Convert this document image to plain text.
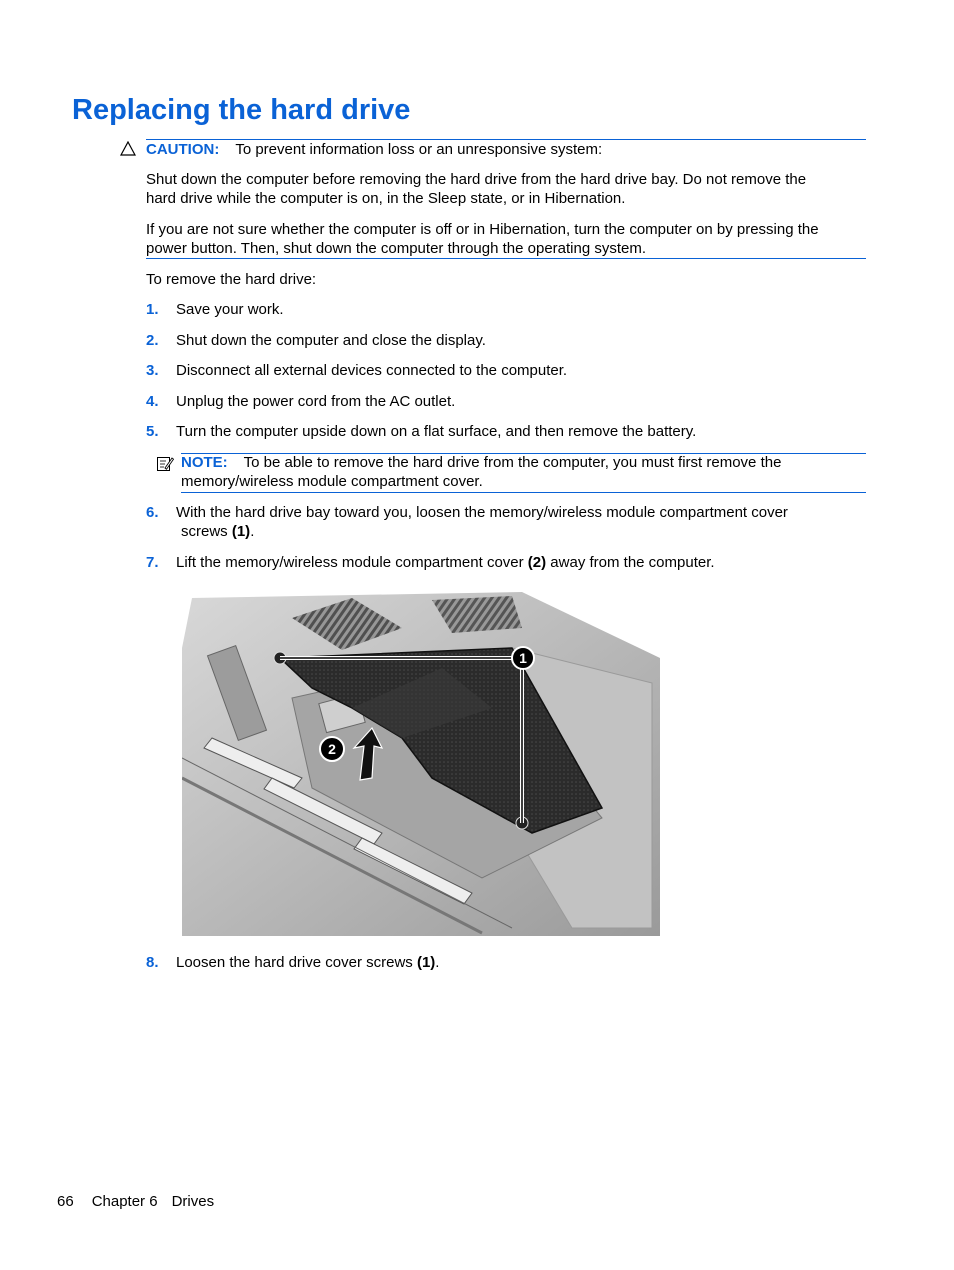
Replacing the hard drive
CAUTION: To prevent information loss or an unresponsive system:
Shut down the computer before removing the hard drive from the hard drive bay. Do not remove the
hard drive while the computer is on, in the Sleep state, or in Hibernation.
If you are not sure whether the computer is off or in Hibernation, turn the computer on by pressing the
power button. Then, shut down the computer through the operating system.
To remove the hard drive:
1. Save your work.
2. Shut down the computer and close the display.
3. Disconnect all external devices connected to the computer.
4. Unplug the power cord from the AC outlet.
5. Turn the computer upside down on a flat surface, and then remove the battery.
NOTE: To be able to remove the hard drive from the computer, you must first remove the
memory/wireless module compartment cover.
6. With the hard drive bay toward you, loosen the memory/wireless module compartment cover
screws (1).
7. Lift the memory/wireless module compartment cover (2) away from the computer.
1
2
8. Loosen the hard drive cover screws (1).
66 Chapter 6 Drives
